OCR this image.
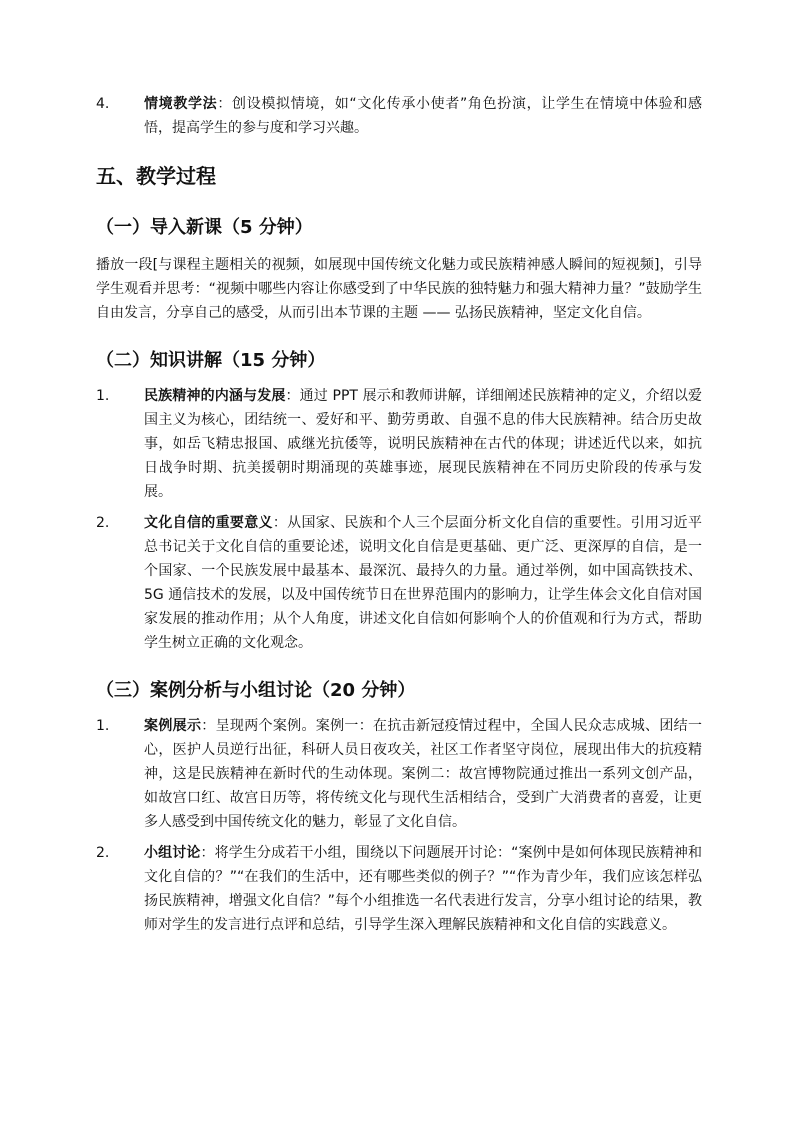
4.	情境教学法：创设模拟情境，如“文化传承小使者”角色扮演，让学生在情境中体验和感悟，提高学生的参与度和学习兴趣。
五、教学过程
（一）导入新课（5 分钟）

播放一段[与课程主题相关的视频，如展现中国传统文化魅力或民族精神感人瞬间的短视频]，引导学生观看并思考：“视频中哪些内容让你感受到了中华民族的独特魅力和强大精神力量？”鼓励学生自由发言，分享自己的感受，从而引出本节课的主题 —— 弘扬民族精神，坚定文化自信。

（二）知识讲解（15 分钟）
1.	民族精神的内涵与发展：通过 PPT 展示和教师讲解，详细阐述民族精神的定义，介绍以爱国主义为核心，团结统一、爱好和平、勤劳勇敢、自强不息的伟大民族精神。结合历史故事，如岳飞精忠报国、戚继光抗倭等，说明民族精神在古代的体现；讲述近代以来，如抗日战争时期、抗美援朝时期涌现的英雄事迹，展现民族精神在不同历史阶段的传承与发展。
2.	文化自信的重要意义：从国家、民族和个人三个层面分析文化自信的重要性。引用习近平总书记关于文化自信的重要论述，说明文化自信是更基础、更广泛、更深厚的自信，是一个国家、一个民族发展中最基本、最深沉、最持久的力量。通过举例，如中国高铁技术、5G 通信技术的发展，以及中国传统节日在世界范围内的影响力，让学生体会文化自信对国家发展的推动作用；从个人角度，讲述文化自信如何影响个人的价值观和行为方式，帮助学生树立正确的文化观念。
（三）案例分析与小组讨论（20 分钟）
1.	案例展示：呈现两个案例。案例一：在抗击新冠疫情过程中，全国人民众志成城、团结一心，医护人员逆行出征，科研人员日夜攻关，社区工作者坚守岗位，展现出伟大的抗疫精神，这是民族精神在新时代的生动体现。案例二：故宫博物院通过推出一系列文创产品，如故宫口红、故宫日历等，将传统文化与现代生活相结合，受到广大消费者的喜爱，让更多人感受到中国传统文化的魅力，彰显了文化自信。
2.	小组讨论：将学生分成若干小组，围绕以下问题展开讨论：“案例中是如何体现民族精神和文化自信的？”“在我们的生活中，还有哪些类似的例子？”“作为青少年，我们应该怎样弘扬民族精神，增强文化自信？”每个小组推选一名代表进行发言，分享小组讨论的结果，教师对学生的发言进行点评和总结，引导学生深入理解民族精神和文化自信的实践意义。
